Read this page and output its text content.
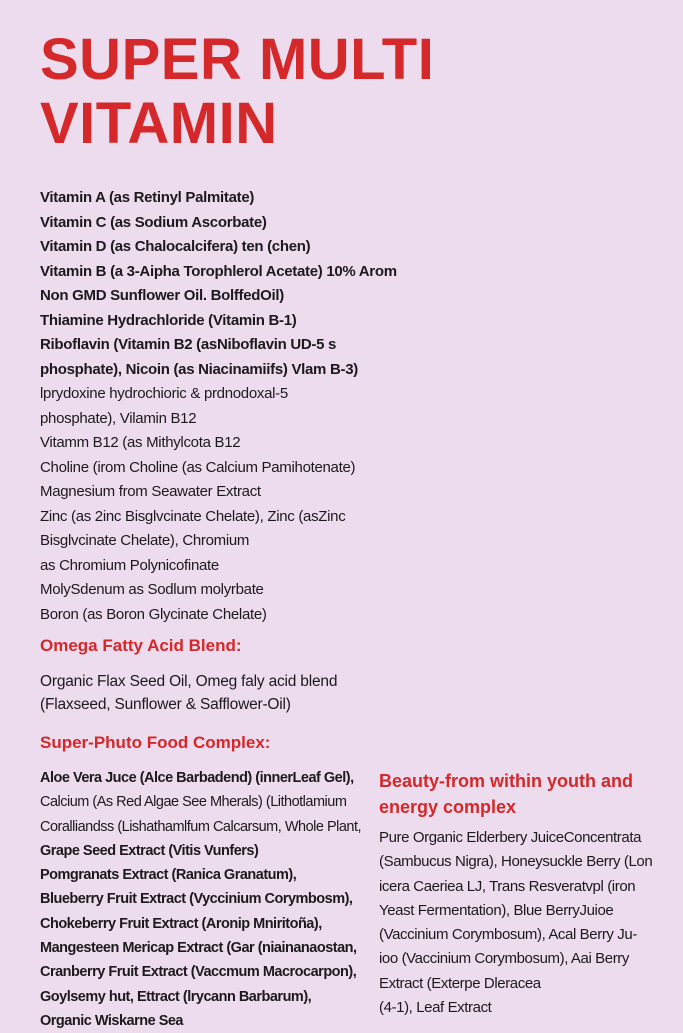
SUPER MULTI
VITAMIN
Vitamin A (as Retinyl Palmitate)
Vitamin C (as Sodium Ascorbate)
Vitamin D (as Chalocalcifera) ten (chen)
Vitamin B (a 3-Aipha Torophlerol Acetate) 10% Arom
Non GMD Sunflower Oil. BolffedOil)
Thiamine Hydrachloride (Vitamin B-1)
Riboflavin (Vitamin B2 (asNiboflavin UD-5 s
phosphate), Nicoin (as Niacinamiifs) Vlam B-3)
lprydoxine hydrochioric & prdnodoxal-5
phosphate), Vilamin B12
Vitamm B12 (as Mithylcota B12
Choline (irom Choline (as Calcium Pamihotenate)
Magnesium from Seawater Extract
Zinc (as 2inc Bisglvcinate Chelate), Zinc (asZinc
Bisglvcinate Chelate), Chromium
as Chromium Polynicofinate
MolySdenum as Sodlum molyrbate
Boron (as Boron Glycinate Chelate)
Omega Fatty Acid Blend:
Organic Flax Seed Oil, Omeg faly acid blend
(Flaxseed, Sunflower & Safflower-Oil)
Super-Phuto Food Complex:
Aloe Vera Juce (Alce Barbadend) (innerLeaf Gel),
Calcium (As Red Algae See Mherals) (Lithotlamium
Coralliandss (Lishathamlfum Calcarsum, Whole Plant,
Grape Seed Extract (Vitis Vunfers)
Pomgranats Extract (Ranica Granatum),
Blueberry Fruit Extract (Vyccinium Corymbosm),
Chokeberry Fruit Extract (Aronip Mniritoña),
Mangesteen Mericap Extract (Gar (niainanaostan,
Cranberry Fruit Extract (Vaccmum Macrocarpon),
Goylsemy hut, Ettract (lrycann Barbarum),
Organic Wiskarne Sea
Beauty-from within youth and
energy complex
Pure Organic Elderbery JuiceConcentrata
(Sambucus Nigra), Honeysuckle Berry (Lon
icera Caeriea LJ, Trans Resveratvpl (iron
Yeast Fermentation), Blue BerryJuioe
(Vaccinium Corymbosum), Acal Berry Ju-
ioo (Vaccinium Corymbosum), Aai Berry
Extract (Exterpe Dleracea
(4-1), Leaf Extract
